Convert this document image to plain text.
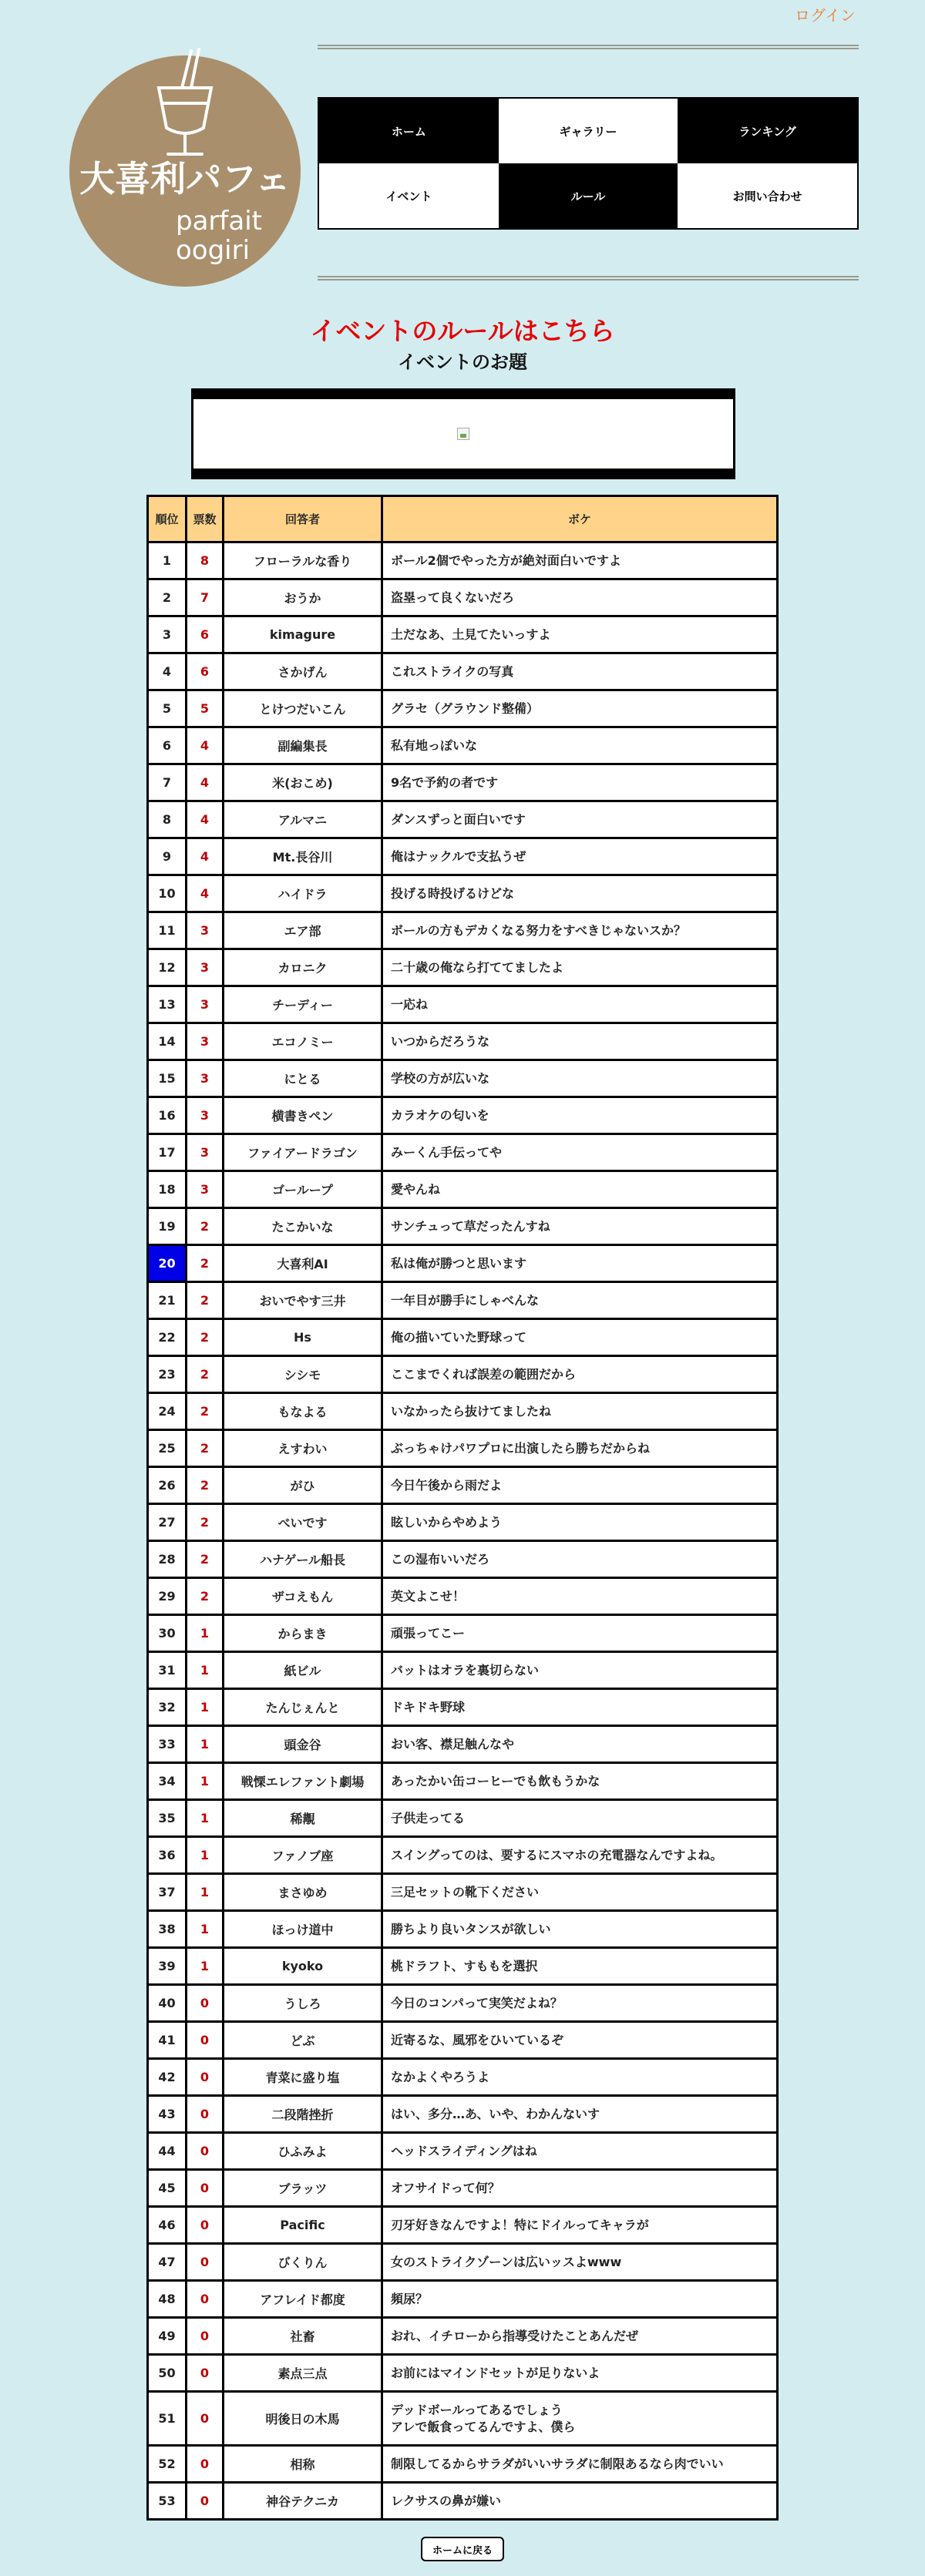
ログイン
大喜利パフェ
parfait
oogiri
ホーム	ギャラリー	ランキング
イベント	ルール	お問い合わせ
イベントのルールはこちら
イベントのお題
順位	票数	回答者	ボケ
1	8	フローラルな香り	ボール2個でやった方が絶対面白いですよ
2	7	おうか	盗塁って良くないだろ
3	6	kimagure	土だなあ、土見てたいっすよ
4	6	さかげん	これストライクの写真
5	5	とけつだいこん	グラセ（グラウンド整備）
6	4	副編集長	私有地っぽいな
7	4	米(おこめ)	9名で予約の者です
8	4	アルマニ	ダンスずっと面白いです
9	4	Mt.長谷川	俺はナックルで支払うぜ
10	4	ハイドラ	投げる時投げるけどな
11	3	エア部	ボールの方もデカくなる努力をすべきじゃないスか？
12	3	カロニク	二十歳の俺なら打ててましたよ
13	3	チーディー	一応ね
14	3	エコノミー	いつからだろうな
15	3	にとる	学校の方が広いな
16	3	横書きペン	カラオケの匂いを
17	3	ファイアードラゴン	みーくん手伝ってや
18	3	ゴーループ	愛やんね
19	2	たこかいな	サンチュって草だったんすね
20	2	大喜利AI	私は俺が勝つと思います
21	2	おいでやす三井	一年目が勝手にしゃべんな
22	2	Hs	俺の描いていた野球って
23	2	シシモ	ここまでくれば誤差の範囲だから
24	2	もなよる	いなかったら抜けてましたね
25	2	えすわい	ぶっちゃけパワプロに出演したら勝ちだからね
26	2	がひ	今日午後から雨だよ
27	2	べいです	眩しいからやめよう
28	2	ハナゲール船長	この湿布いいだろ
29	2	ザコえもん	英文よこせ！
30	1	からまき	頑張ってこー
31	1	紙ビル	バットはオラを裏切らない
32	1	たんじぇんと	ドキドキ野球
33	1	頭金谷	おい客、襟足触んなや
34	1	戦慄エレファント劇場	あったかい缶コーヒーでも飲もうかな
35	1	稀覯	子供走ってる
36	1	ファノブ座	スイングってのは、要するにスマホの充電器なんですよね。
37	1	まさゆめ	三足セットの靴下ください
38	1	ほっけ道中	勝ちより良いタンスが欲しい
39	1	kyoko	桃ドラフト、すももを選択
40	0	うしろ	今日のコンパって実笑だよね？
41	0	どぶ	近寄るな、風邪をひいているぞ
42	0	青菜に盛り塩	なかよくやろうよ
43	0	二段階挫折	はい、多分…あ、いや、わかんないす
44	0	ひふみよ	ヘッドスライディングはね
45	0	ブラッツ	オフサイドって何？
46	0	Pacific	刃牙好きなんですよ！特にドイルってキャラが
47	0	びくりん	女のストライクゾーンは広いッスよwww
48	0	アフレイド都度	頻尿？
49	0	社畜	おれ、イチローから指導受けたことあんだぜ
50	0	素点三点	お前にはマインドセットが足りないよ
51	0	明後日の木馬	デッドボールってあるでしょう
アレで飯食ってるんですよ、僕ら
52	0	相称	制限してるからサラダがいいサラダに制限あるなら肉でいい
53	0	神谷テクニカ	レクサスの鼻が嫌い
ホームに戻る
